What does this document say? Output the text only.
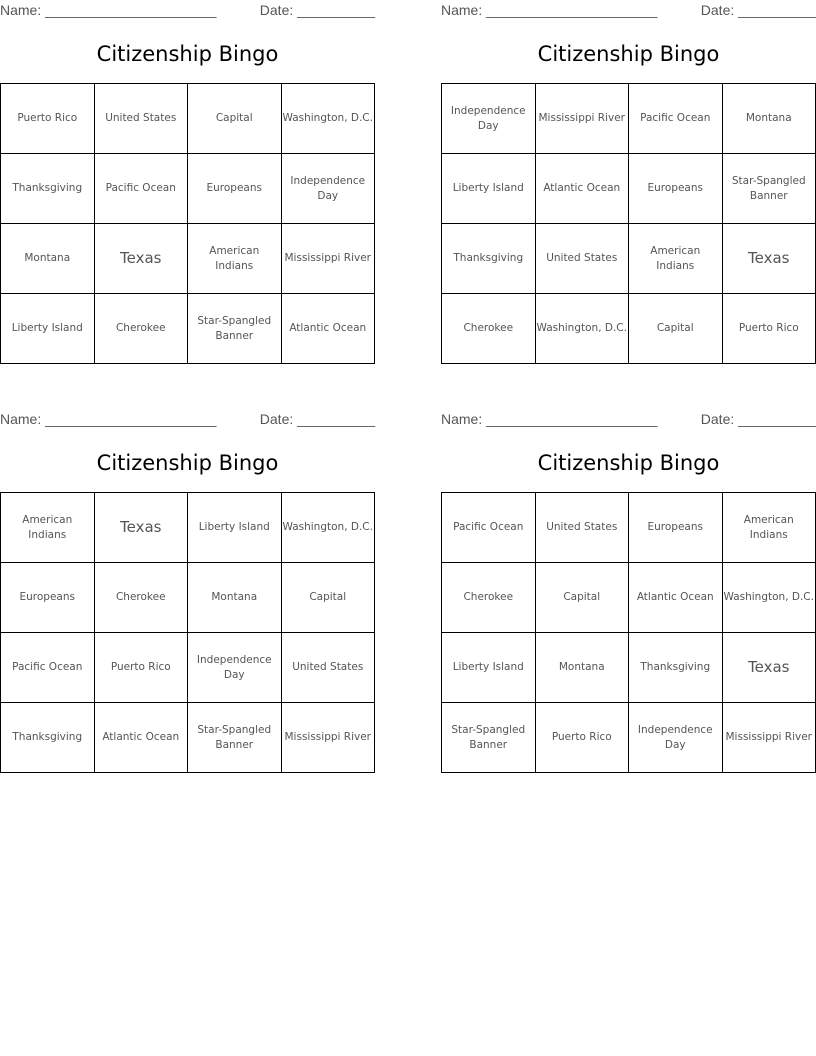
Name: ______________________	Date: __________
Citizenship Bingo
Puerto Rico	United States	Capital	Washington, D.C.
Thanksgiving	Pacific Ocean	Europeans	Independence Day
Montana	Texas	American Indians	Mississippi River
Liberty Island	Cherokee	Star-Spangled Banner	Atlantic Ocean
Name: ______________________	Date: __________
Citizenship Bingo
Independence Day	Mississippi River	Pacific Ocean	Montana
Liberty Island	Atlantic Ocean	Europeans	Star-Spangled Banner
Thanksgiving	United States	American Indians	Texas
Cherokee	Washington, D.C.	Capital	Puerto Rico
Name: ______________________	Date: __________
Citizenship Bingo
American Indians	Texas	Liberty Island	Washington, D.C.
Europeans	Cherokee	Montana	Capital
Pacific Ocean	Puerto Rico	Independence Day	United States
Thanksgiving	Atlantic Ocean	Star-Spangled Banner	Mississippi River
Name: ______________________	Date: __________
Citizenship Bingo
Pacific Ocean	United States	Europeans	American Indians
Cherokee	Capital	Atlantic Ocean	Washington, D.C.
Liberty Island	Montana	Thanksgiving	Texas
Star-Spangled Banner	Puerto Rico	Independence Day	Mississippi River
